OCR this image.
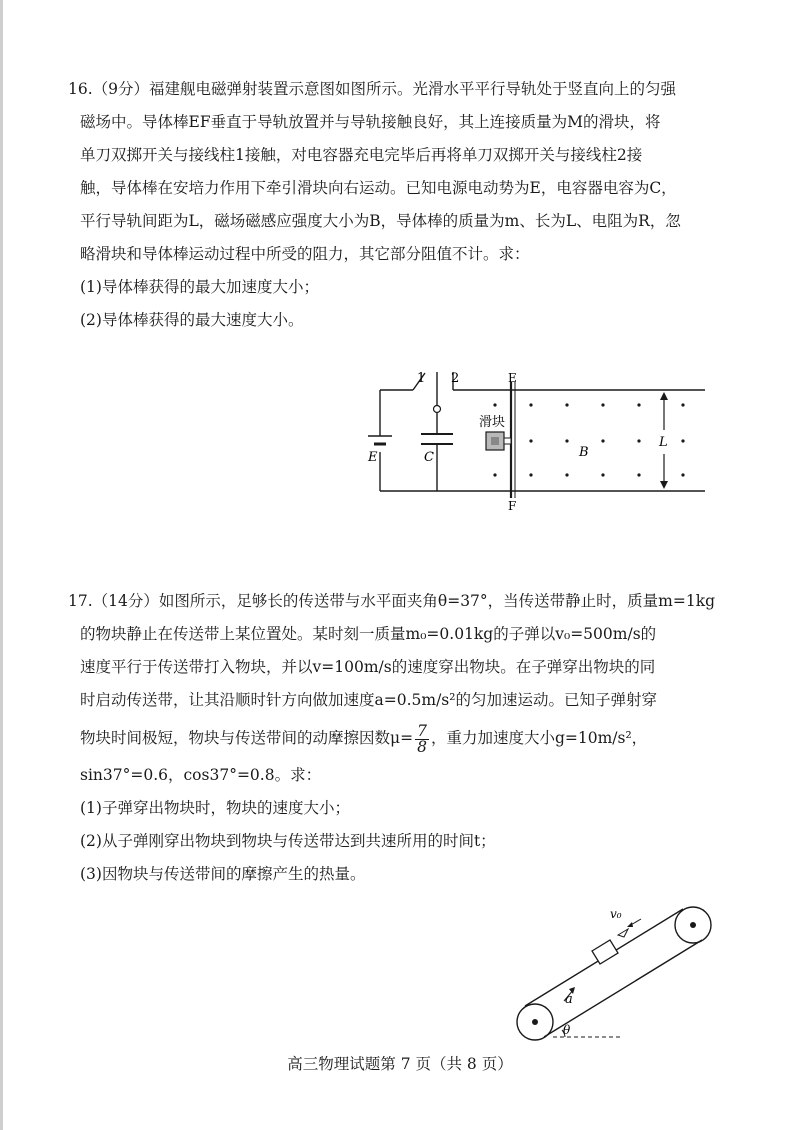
16.（9分）福建舰电磁弹射装置示意图如图所示。光滑水平平行导轨处于竖直向上的匀强
磁场中。导体棒EF垂直于导轨放置并与导轨接触良好，其上连接质量为M的滑块，将
单刀双掷开关与接线柱1接触，对电容器充电完毕后再将单刀双掷开关与接线柱2接
触，导体棒在安培力作用下牵引滑块向右运动。已知电源电动势为E，电容器电容为C，
平行导轨间距为L，磁场磁感应强度大小为B，导体棒的质量为m、长为L、电阻为R，忽
略滑块和导体棒运动过程中所受的阻力，其它部分阻值不计。求：
(1)导体棒获得的最大加速度大小；
(2)导体棒获得的最大速度大小。
1 2	E
F
滑块
B
L
E	C
17.（14分）如图所示，足够长的传送带与水平面夹角θ=37°，当传送带静止时，质量m=1kg
的物块静止在传送带上某位置处。某时刻一质量m₀=0.01kg的子弹以v₀=500m/s的
速度平行于传送带打入物块，并以v=100m/s的速度穿出物块。在子弹穿出物块的同
时启动传送带，让其沿顺时针方向做加速度a=0.5m/s²的匀加速运动。已知子弹射穿
物块时间极短，物块与传送带间的动摩擦因数$\mu= \frac{7}{8}$ ，重力加速度大小g=10m/s²，
sin37°=0.6，cos37°=0.8。求：
(1)子弹穿出物块时，物块的速度大小；
(2)从子弹刚穿出物块到物块与传送带达到共速所用的时间t；
(3)因物块与传送带间的摩擦产生的热量。
v₀
a
θ
高三物理试题第 7 页（共 8 页）
